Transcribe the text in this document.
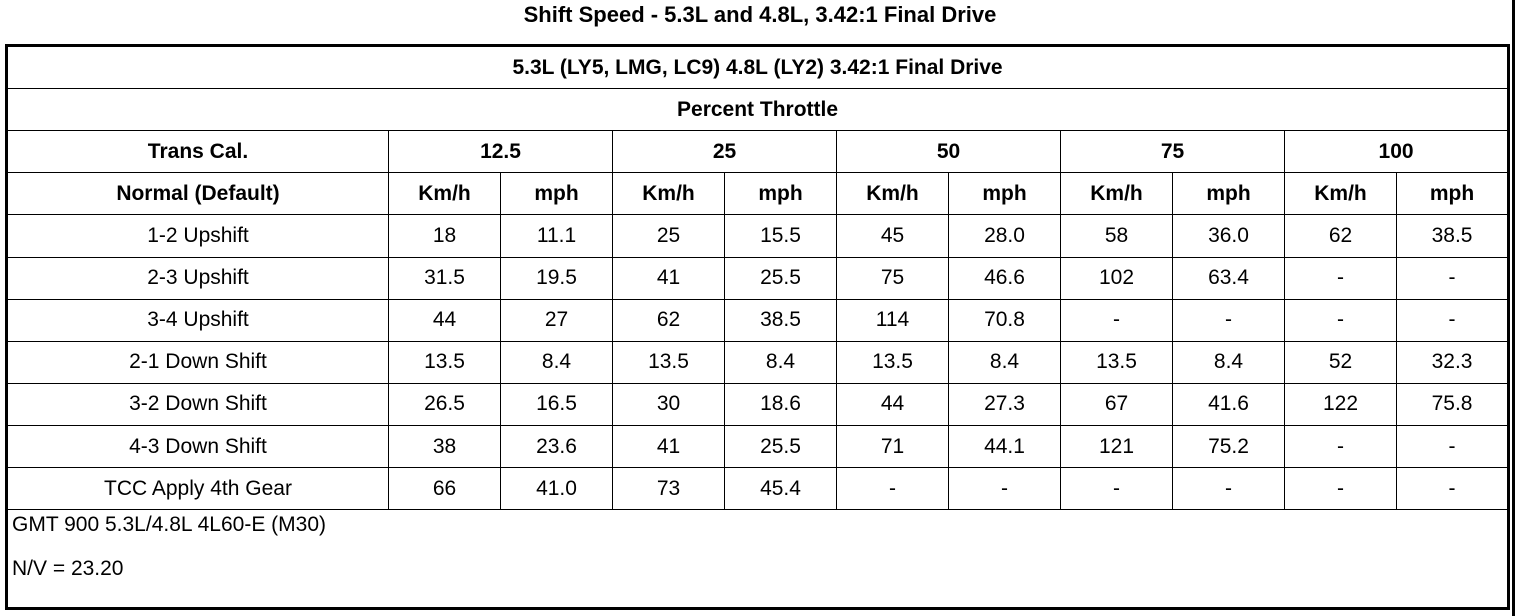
Shift Speed - 5.3L and 4.8L, 3.42:1 Final Drive
5.3L (LY5, LMG, LC9) 4.8L (LY2) 3.42:1 Final Drive										
Percent Throttle										
Trans Cal.	12.5		25		50		75		100	
Normal (Default)	Km/h	mph	Km/h	mph	Km/h	mph	Km/h	mph	Km/h	mph
1-2 Upshift	18	11.1	25	15.5	45	28.0	58	36.0	62	38.5
2-3 Upshift	31.5	19.5	41	25.5	75	46.6	102	63.4	-	-
3-4 Upshift	44	27	62	38.5	114	70.8	-	-	-	-
2-1 Down Shift	13.5	8.4	13.5	8.4	13.5	8.4	13.5	8.4	52	32.3
3-2 Down Shift	26.5	16.5	30	18.6	44	27.3	67	41.6	122	75.8
4-3 Down Shift	38	23.6	41	25.5	71	44.1	121	75.2	-	-
TCC Apply 4th Gear	66	41.0	73	45.4	-	-	-	-	-	-

GMT 900 5.3L/4.8L 4L60-E (M30)
N/V = 23.20										
